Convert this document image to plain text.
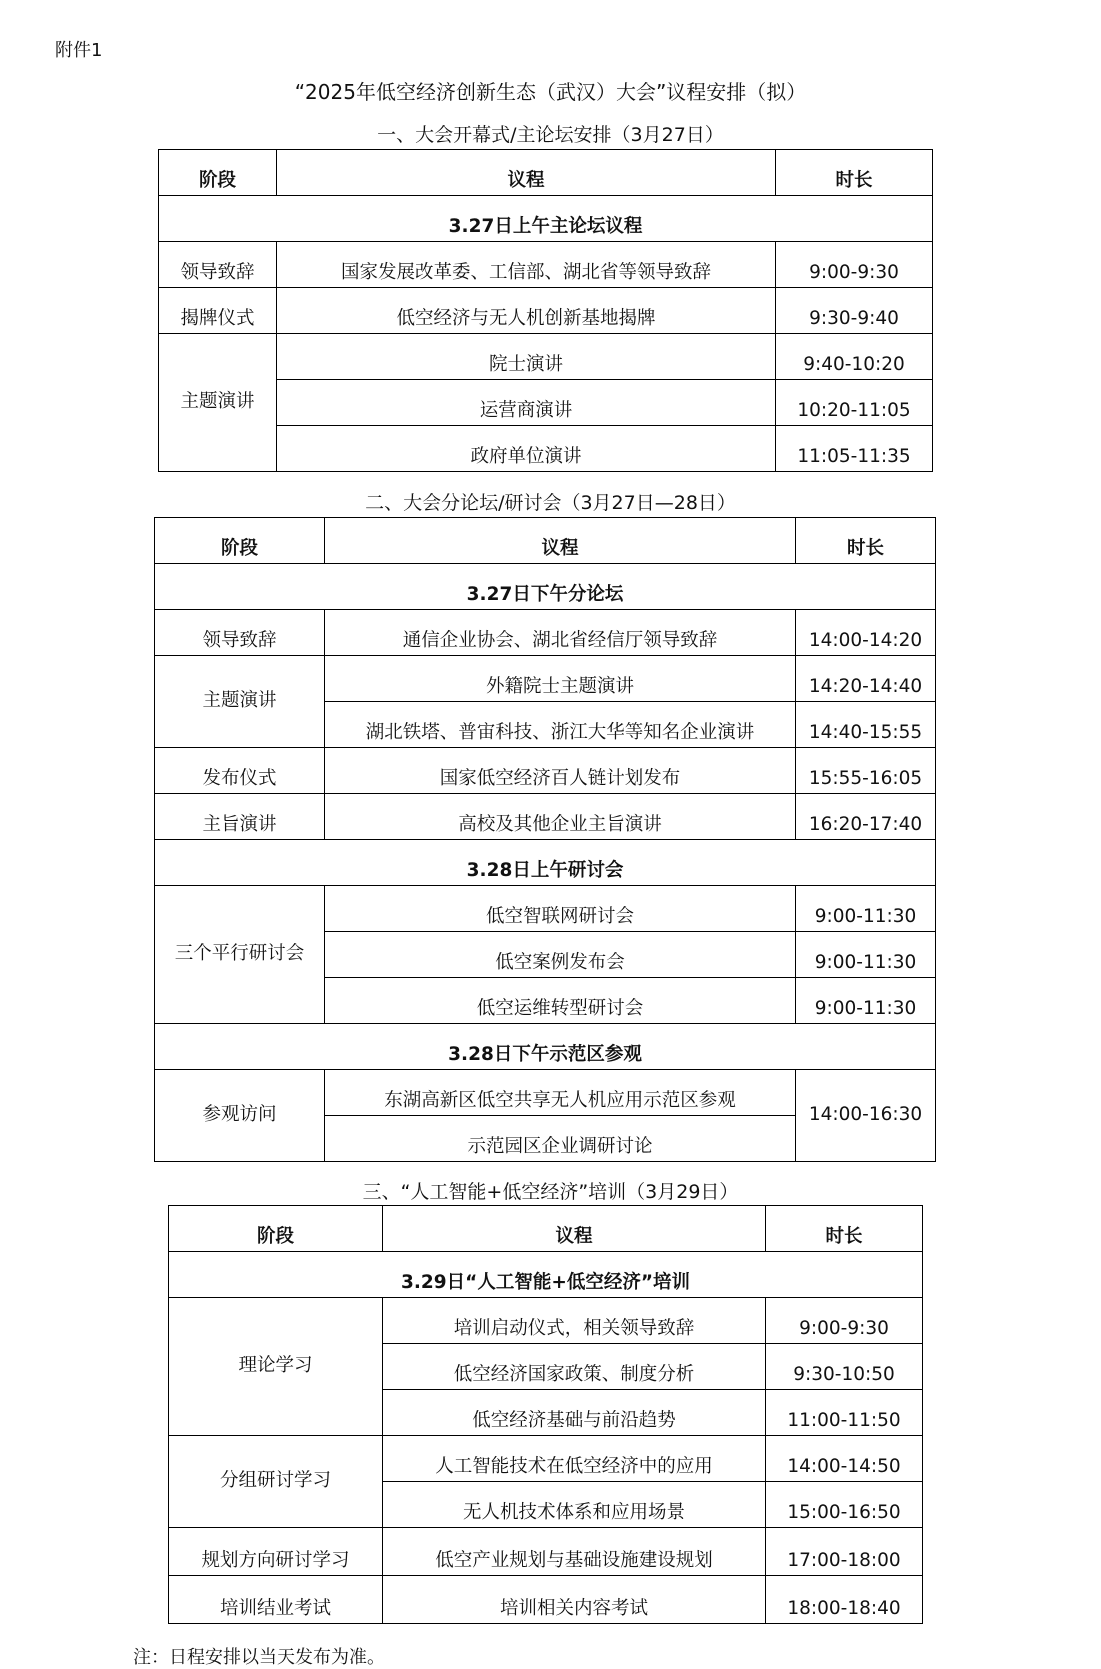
附件1
“2025年低空经济创新生态（武汉）大会”议程安排（拟）
一、大会开幕式/主论坛安排（3月27日）
阶段	议程	时长
3.27日上午主论坛议程		
领导致辞	国家发展改革委、工信部、湖北省等领导致辞	9:00-9:30
揭牌仪式	低空经济与无人机创新基地揭牌	9:30-9:40
主题演讲	院士演讲	9:40-10:20
	运营商演讲	10:20-11:05
	政府单位演讲	11:05-11:35
二、大会分论坛/研讨会（3月27日—28日）
阶段	议程	时长
3.27日下午分论坛		
领导致辞	通信企业协会、湖北省经信厅领导致辞	14:00-14:20
主题演讲	外籍院士主题演讲	14:20-14:40
	湖北铁塔、普宙科技、浙江大华等知名企业演讲	14:40-15:55
发布仪式	国家低空经济百人链计划发布	15:55-16:05
主旨演讲	高校及其他企业主旨演讲	16:20-17:40
3.28日上午研讨会		
三个平行研讨会	低空智联网研讨会	9:00-11:30
	低空案例发布会	9:00-11:30
	低空运维转型研讨会	9:00-11:30
3.28日下午示范区参观		
参观访问	东湖高新区低空共享无人机应用示范区参观	14:00-16:30
	示范园区企业调研讨论	
三、“人工智能+低空经济”培训（3月29日）
阶段	议程	时长
3.29日“人工智能+低空经济”培训		
理论学习	培训启动仪式，相关领导致辞	9:00-9:30
	低空经济国家政策、制度分析	9:30-10:50
	低空经济基础与前沿趋势	11:00-11:50
分组研讨学习	人工智能技术在低空经济中的应用	14:00-14:50
	无人机技术体系和应用场景	15:00-16:50
规划方向研讨学习	低空产业规划与基础设施建设规划	17:00-18:00
培训结业考试	培训相关内容考试	18:00-18:40
注：日程安排以当天发布为准。
